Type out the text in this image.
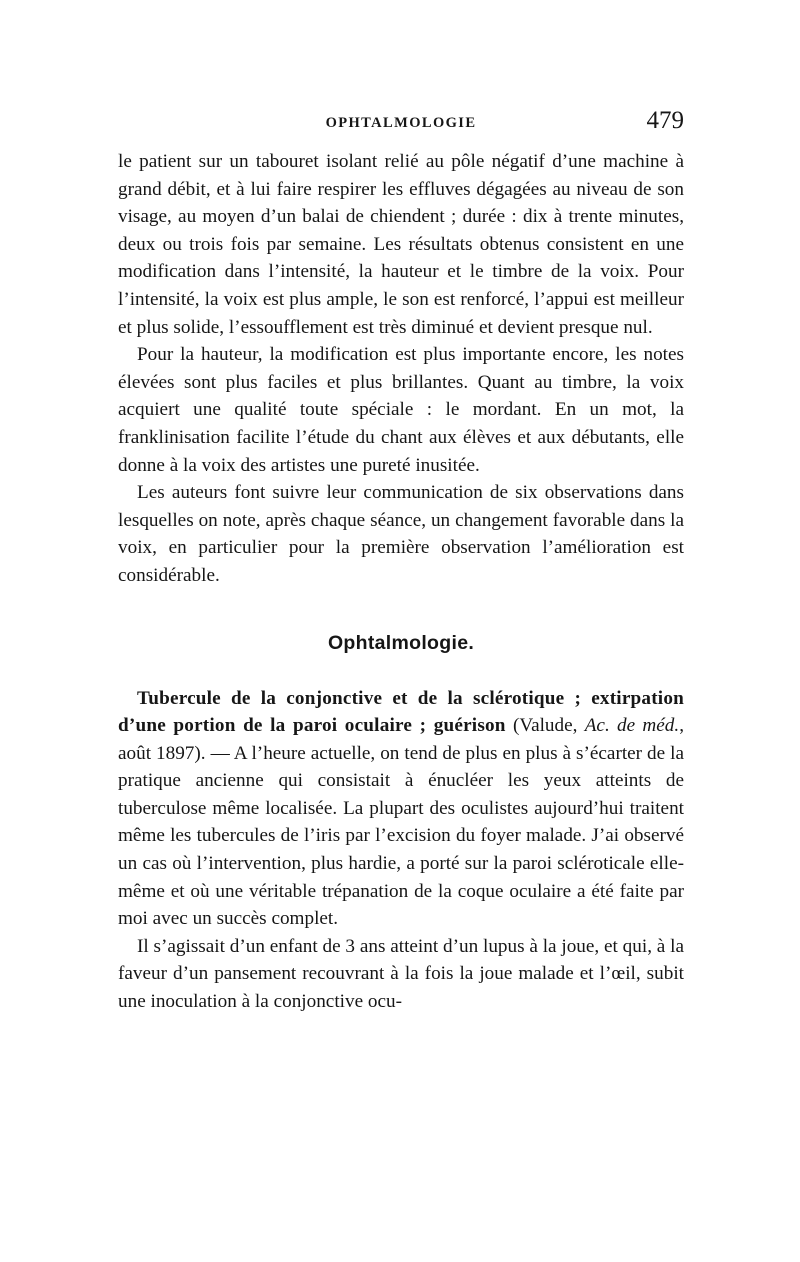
OPHTALMOLOGIE	479

le patient sur un tabouret isolant relié au pôle négatif d’une machine à grand débit, et à lui faire respirer les effluves dégagées au niveau de son visage, au moyen d’un balai de chiendent ; durée : dix à trente minutes, deux ou trois fois par semaine. Les résultats obtenus consistent en une modification dans l’intensité, la hauteur et le timbre de la voix. Pour l’intensité, la voix est plus ample, le son est renforcé, l’appui est meilleur et plus solide, l’essoufflement est très diminué et devient presque nul.

Pour la hauteur, la modification est plus importante encore, les notes élevées sont plus faciles et plus brillantes. Quant au timbre, la voix acquiert une qualité toute spéciale : le mordant. En un mot, la franklinisation facilite l’étude du chant aux élèves et aux débutants, elle donne à la voix des artistes une pureté inusitée.

Les auteurs font suivre leur communication de six observations dans lesquelles on note, après chaque séance, un changement favorable dans la voix, en particulier pour la première observation l’amélioration est considérable.

Ophtalmologie.

Tubercule de la conjonctive et de la sclérotique ; extirpation d’une portion de la paroi oculaire ; guérison (Valude, Ac. de méd., août 1897). — A l’heure actuelle, on tend de plus en plus à s’écarter de la pratique ancienne qui consistait à énucléer les yeux atteints de tuberculose même localisée. La plupart des oculistes aujourd’hui traitent même les tubercules de l’iris par l’excision du foyer malade. J’ai observé un cas où l’intervention, plus hardie, a porté sur la paroi scléroticale elle-même et où une véritable trépanation de la coque oculaire a été faite par moi avec un succès complet.

Il s’agissait d’un enfant de 3 ans atteint d’un lupus à la joue, et qui, à la faveur d’un pansement recouvrant à la fois la joue malade et l’œil, subit une inoculation à la conjonctive ocu-
